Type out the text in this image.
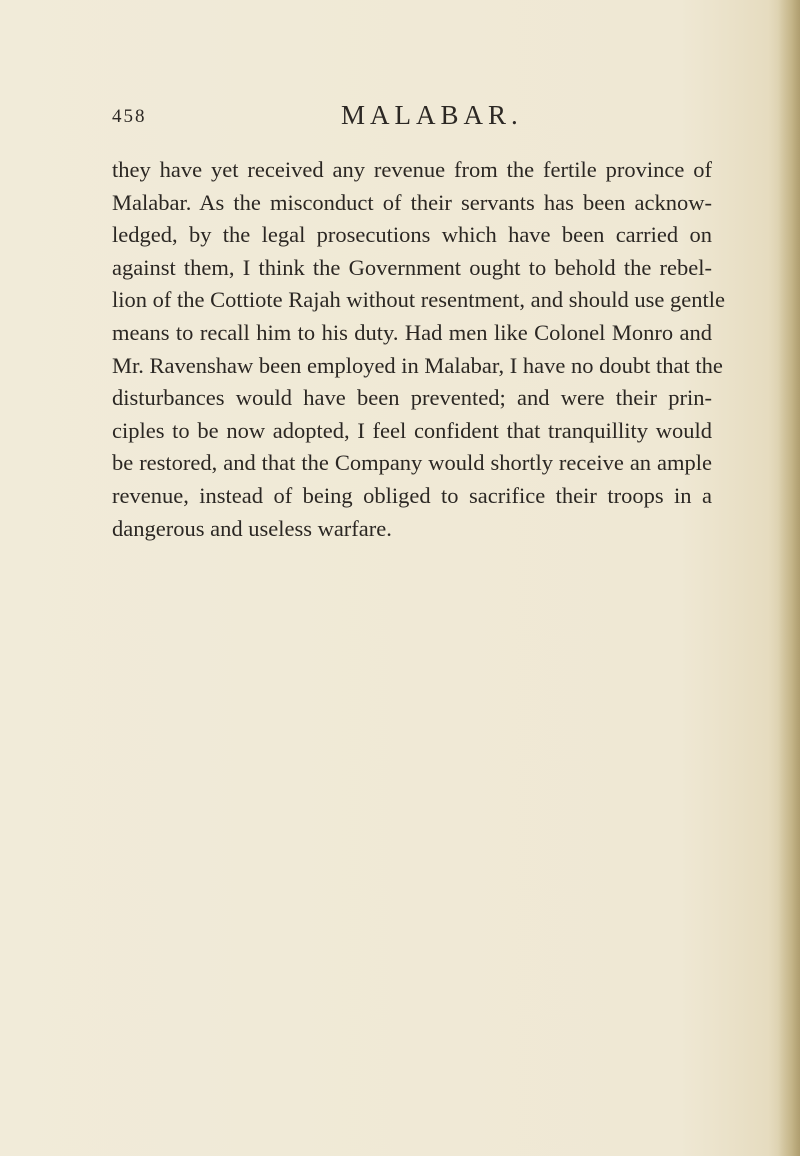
458	MALABAR.
they have yet received any revenue from the fertile province of
Malabar. As the misconduct of their servants has been acknow-
ledged, by the legal prosecutions which have been carried on
against them, I think the Government ought to behold the rebel-
lion of the Cottiote Rajah without resentment, and should use gentle
means to recall him to his duty. Had men like Colonel Monro and
Mr. Ravenshaw been employed in Malabar, I have no doubt that the
disturbances would have been prevented; and were their prin-
ciples to be now adopted, I feel confident that tranquillity would
be restored, and that the Company would shortly receive an ample
revenue, instead of being obliged to sacrifice their troops in a
dangerous and useless warfare.
